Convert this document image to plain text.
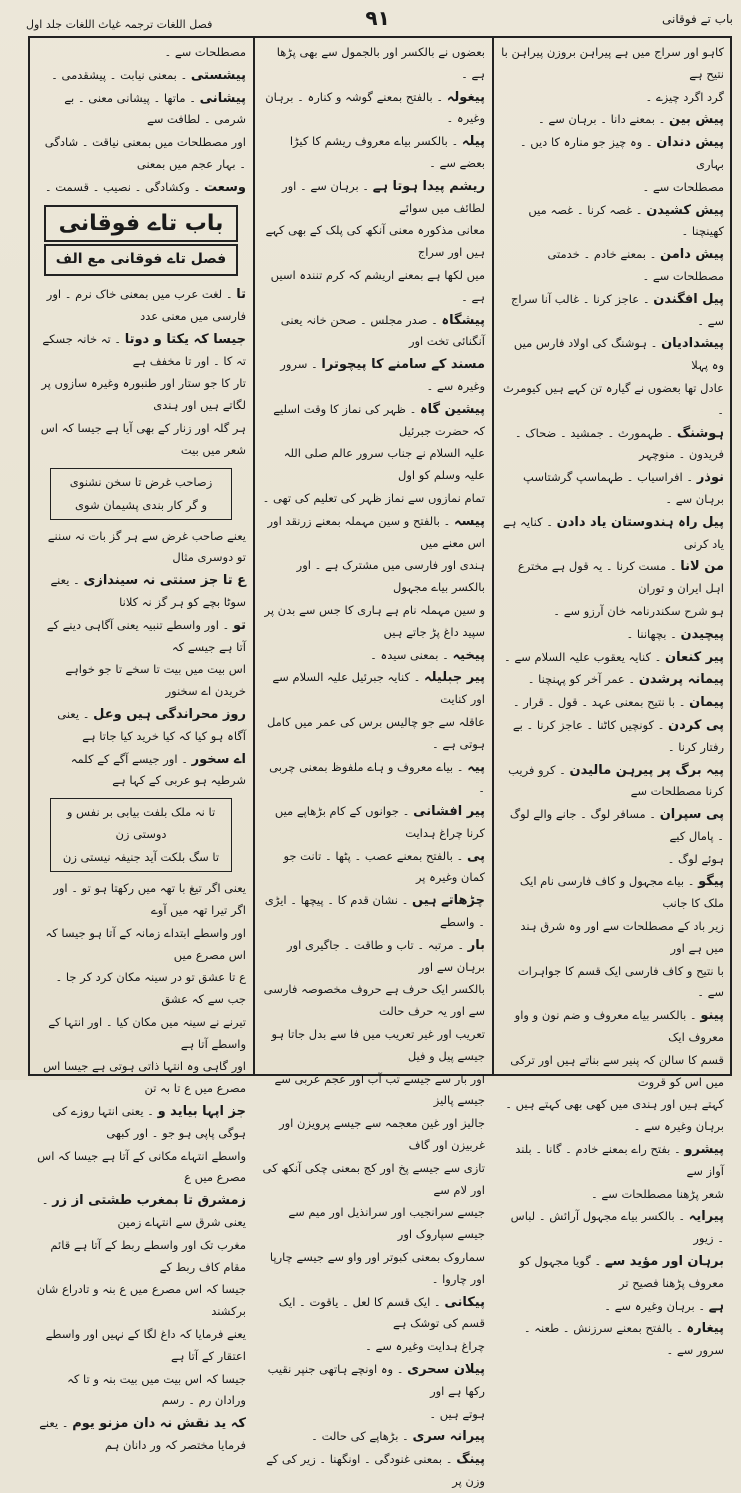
باب تے فوقانی
۹۱
فصل اللغات ترجمہ غیاث اللغات جلد اول
کاہو اور سراج میں ہے پیراہن بروزن پیراہن با نتیح ہے
گرد اگرد چیزے ۔
پیش بین ۔ بمعنے دانا ۔ برہان سے ۔
پیش دندان ۔ وہ چیز جو منارہ کا دیں ۔ بہاری
مصطلحات سے ۔
پیش کشیدن ۔ غصہ کرنا ۔ غصہ میں کھینچنا ۔
پیش دامن ۔ بمعنے خادم ۔ خدمتی مصطلحات سے ۔
پیل افگندن ۔ عاجز کرنا ۔ غالب آنا سراج سے ۔
پیشدادیان ۔ ہوشنگ کی اولاد فارس میں وہ پہلا
عادل تھا بعضوں نے گیارہ تن کہے ہیں کیومرث ۔
ہوشنگ ۔ طہمورث ۔ جمشید ۔ ضحاک ۔ فریدون ۔ منوچہر
نوذر ۔ افراسیاب ۔ طہماسپ گرشتاسپ برہان سے ۔
پیل راہ ہندوستان یاد دادن ۔ کنایہ ہے یاد کرنی
من لانا ۔ مست کرنا ۔ یہ قول ہے مخترع اہل ایران و توران
ہو شرح سکندرنامہ خان آرزو سے ۔
پیچیدن ۔ بچھاننا ۔
پیر کنعان ۔ کنایہ یعقوب علیہ السلام سے ۔
پیمانہ پرشدن ۔ عمر آخر کو پہنچنا ۔
پیمان ۔ با نتیح بمعنی عہد ۔ قول ۔ قرار ۔
پی کردن ۔ کونچیں کاٹنا ۔ عاجز کرنا ۔ بے رفتار کرنا ۔
پیہ برگ پر پیرہن مالیدن ۔ کرو فریب کرنا مصطلحات سے
پی سپران ۔ مسافر لوگ ۔ جانے والے لوگ ۔ پامال کیے
ہوئے لوگ ۔
پیگو ۔ بیاے مجہول و کاف فارسی نام ایک ملک کا جانب
زیر باد کے مصطلحات سے اور وہ شرق ہند میں ہے اور
با نتیح و کاف فارسی ایک قسم کا جواہرات سے ۔
پینو ۔ بالکسر بیاے معروف و ضم نون و واو معروف ایک
قسم کا سالن کہ پنیر سے بناتے ہیں اور ترکی میں اس کو قروت
کہتے ہیں اور ہندی میں کھی بھی کہتے ہیں ۔ برہان وغیرہ سے ۔
پیشرو ۔ بفتح راے بمعنے خادم ۔ گانا ۔ بلند آواز سے
شعر پڑھنا مصطلحات سے ۔
پیرایہ ۔ بالکسر بیاے مجہول آرائش ۔ لباس ۔ زیور
برہان اور مؤید سے ۔ گویا مجہول کو معروف پڑھنا فصیح تر
ہے ۔ برہان وغیرہ سے ۔
پیغارہ ۔ بالفتح بمعنے سرزنش ۔ طعنہ ۔ سرور سے ۔
بعضوں نے بالکسر اور بالجمول سے بھی پڑھا ہے ۔
پیغولہ ۔ بالفتح بمعنے گوشہ و کنارہ ۔ برہان وغیرہ ۔
پیلہ ۔ بالکسر بیاے معروف ریشم کا کیڑا بعضے سے ۔
ریشم پیدا ہوتا ہے ۔ برہان سے ۔ اور لطائف میں سوائے
معانی مذکورہ معنی آنکھ کی پلک کے بھی کہے ہیں اور سراج
میں لکھا ہے بمعنے اریشم کہ کرم تنندہ اسیں ہے ۔
پیشگاہ ۔ صدر مجلس ۔ صحن خانہ یعنی آنگنائی تخت اور
مسند کے سامنے کا پیچوترا ۔ سرور وغیرہ سے ۔
پیشین گاہ ۔ ظہر کی نماز کا وقت اسلیے کہ حضرت جبرئیل
علیہ السلام نے جناب سرور عالم صلی اللہ علیہ وسلم کو اول
تمام نمازوں سے نماز ظہر کی تعلیم کی تھی ۔
پیسہ ۔ بالفتح و سین مہملہ بمعنے زرنقد اور اس معنے میں
ہندی اور فارسی میں مشترک ہے ۔ اور بالکسر بیاے مجہول
و سین مہملہ نام ہے ہاری کا جس سے بدن پر سپید داغ پڑ جاتے ہیں
پیخیہ ۔ بمعنی سیدہ ۔
پیر جبلیلہ ۔ کنایہ جبرئیل علیہ السلام سے اور کنایت
عاقلہ سے جو چالیس برس کی عمر میں کامل ہوتی ہے ۔
پیہ ۔ بیاے معروف و ہاے ملفوظ بمعنی چربی ۔
پیر افشانی ۔ جوانوں کے کام بڑھاپے میں کرنا چراغ ہدایت
پی ۔ بالفتح بمعنے عصب ۔ پٹھا ۔ تانت جو کمان وغیرہ پر
چڑھاتے ہیں ۔ نشان قدم کا ۔ پیچھا ۔ ایڑی ۔ واسطے
بار ۔ مرتبہ ۔ تاب و طاقت ۔ جاگیری اور برہان سے اور
بالکسر ایک حرف ہے حروف مخصوصہ فارسی سے اور یہ حرف حالت
تعریب اور غیر تعریب میں فا سے بدل جاتا ہو جیسے پیل و فیل
اور بار سے جیسے تب آب اور عجم عربی سے جیسے پالیز
جالیز اور غین معجمہ سے جیسے پرویزن اور غربیزن اور گاف
تازی سے جیسے پخ اور کج بمعنی چکی آنکھ کی اور لام سے
جیسے سرانجیب اور سرانذیل اور میم سے جیسے سپاروک اور
سماروک بمعنی کبوتر اور واو سے جیسے چارپا اور چاروا ۔
پیکانی ۔ ایک قسم کا لعل ۔ یاقوت ۔ ایک قسم کی توشک ہے
چراغ ہدایت وغیرہ سے ۔
پیلان سحری ۔ وہ اونچے ہاتھی جنپر نقیب رکھا ہے اور
ہوتے ہیں ۔
پیرانہ سری ۔ بڑھاپے کی حالت ۔
پینگ ۔ بمعنی غنودگی ۔ اونگھنا ۔ زیر کی کے وزن پر
مصطلحات سے ۔
پیشستی ۔ بمعنی نیابت ۔ پیشقدمی ۔
پیشانی ۔ ماتھا ۔ پیشانی معنی ۔ بے شرمی ۔ لطافت سے
اور مصطلحات میں بمعنی نیاقت ۔ شادگی ۔ بہار عجم میں بمعنی
وسعت ۔ وکشادگی ۔ نصیب ۔ قسمت ۔
باب تاے فوقانی
فصل تاے فوقانی مع الف
تا ۔ لغت عرب میں بمعنی خاک نرم ۔ اور فارسی میں معنی عدد
جیسا کہ یکتا و دوتا ۔ تہ خانہ جسکے تہ کا ۔ اور تا مخفف ہے
تار کا جو ستار اور طنبورہ وغیرہ سازوں پر لگاتے ہیں اور ہندی
ہر گلہ اور زنار کے بھی آیا ہے جیسا کہ اس شعر میں بیت
زصاحب غرض تا سخن نشنوی
و گر کار بندی پشیمان شوی
یعنے صاحب غرض سے ہر گز بات نہ سننے تو دوسری مثال
ع تا جز سنتی نہ سیندازی ۔ یعنے سوٹا بچے کو ہر گز نہ کلانا
تو ۔ اور واسطے تنبیہ یعنی آگاہی دینے کے آتا ہے جیسے کہ
اس بیت میں بیت تا سخے تا جو خواہے خریدن اے سخنور
روز محراندگی ہیں وعل ۔ یعنی آگاہ ہو کیا کہ کیا خرید کیا جاتا ہے
اے سخور ۔ اور جیسے آگے کے کلمہ شرطیہ ہو عربی کے کہا ہے
تا نہ ملک بلفت بیابی بر نفس و دوستی زن
تا سگ بلکت آید جنیفہ نیستی زن
یعنی اگر تیغ با تھہ میں رکھتا ہو تو ۔ اور اگر تیرا تھہ میں آوے
اور واسطے ابتداے زمانہ کے آتا ہو جیسا کہ اس مصرع میں
ع تا عشق تو در سینہ مکان کرد کر جا ۔ جب سے کہ عشق
تیرنے نے سینہ میں مکان کیا ۔ اور انتہا کے واسطے آتا ہے
اور گاہی وہ انتہا ذاتی ہوتی ہے جیسا اس مصرع میں ع تا بہ تن
جز اپہا بیاید و ۔ یعنی انتہا روزے کی ہوگی پاپی ہو جو ۔ اور کبھی
واسطے انتہاے مکانی کے آتا ہے جیسا کہ اس مصرع میں ع
زمشرق تا بمغرب طشتی از زر ۔ یعنی شرق سے انتہاے زمین
مغرب تک اور واسطے ربط کے آتا ہے قائم مقام کاف ربط کے
جیسا کہ اس مصرع میں ع بنہ و تادراع شان برکشند
یعنے فرمایا کہ داغ لگا کے نہیں اور واسطے اعتقار کے آتا ہے
جیسا کہ اس بیت میں بیت بنہ و تا کہ ورادان رم ۔ رسم
کہ ید نقش نہ دان مزنو یوم ۔ یعنے فرمایا مختصر کہ ور دانان ہم
